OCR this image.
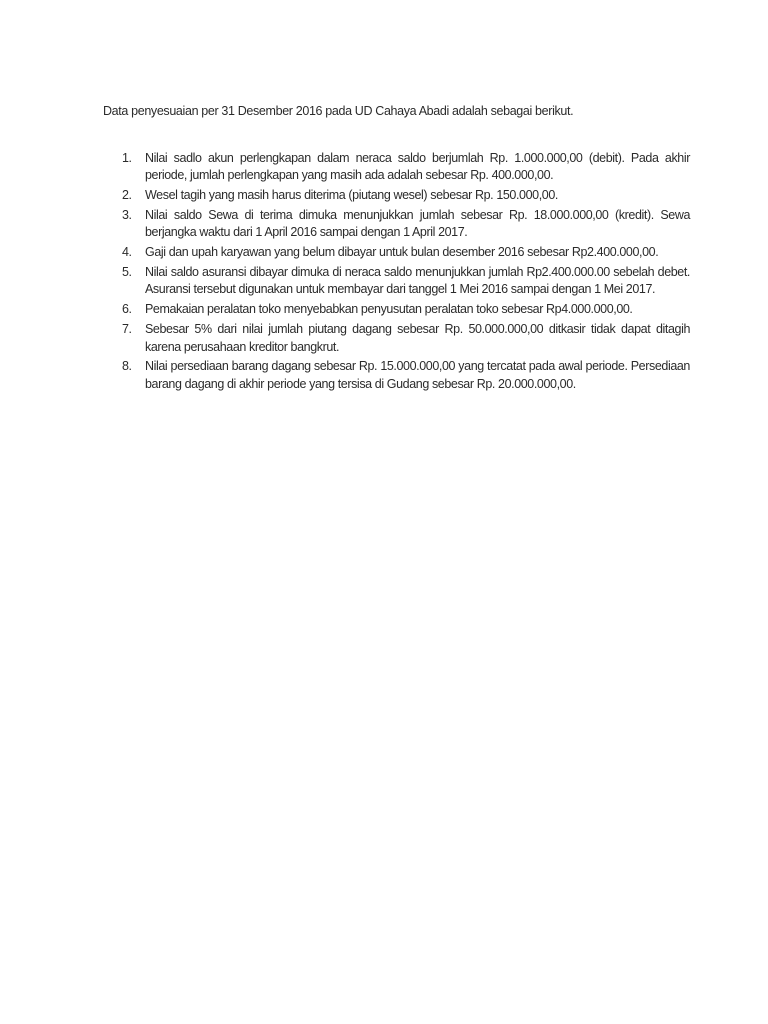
Data penyesuaian per 31 Desember 2016 pada UD Cahaya Abadi adalah sebagai berikut.
1. Nilai sadlo akun perlengkapan dalam neraca saldo berjumlah Rp. 1.000.000,00 (debit). Pada akhir periode, jumlah perlengkapan yang masih ada adalah sebesar Rp. 400.000,00.
2. Wesel tagih yang masih harus diterima (piutang wesel) sebesar Rp. 150.000,00.
3. Nilai saldo Sewa di terima dimuka menunjukkan jumlah sebesar Rp. 18.000.000,00 (kredit). Sewa berjangka waktu dari 1 April 2016 sampai dengan 1 April 2017.
4. Gaji dan upah karyawan yang belum dibayar untuk bulan desember 2016 sebesar Rp2.400.000,00.
5. Nilai saldo asuransi dibayar dimuka di neraca saldo menunjukkan jumlah Rp2.400.000.00 sebelah debet. Asuransi tersebut digunakan untuk membayar dari tanggel 1 Mei 2016 sampai dengan 1 Mei 2017.
6. Pemakaian peralatan toko menyebabkan penyusutan peralatan toko sebesar Rp4.000.000,00.
7. Sebesar 5% dari nilai jumlah piutang dagang sebesar Rp. 50.000.000,00 ditkasir tidak dapat ditagih karena perusahaan kreditor bangkrut.
8. Nilai persediaan barang dagang sebesar Rp. 15.000.000,00 yang tercatat pada awal periode. Persediaan barang dagang di akhir periode yang tersisa di Gudang sebesar Rp. 20.000.000,00.
